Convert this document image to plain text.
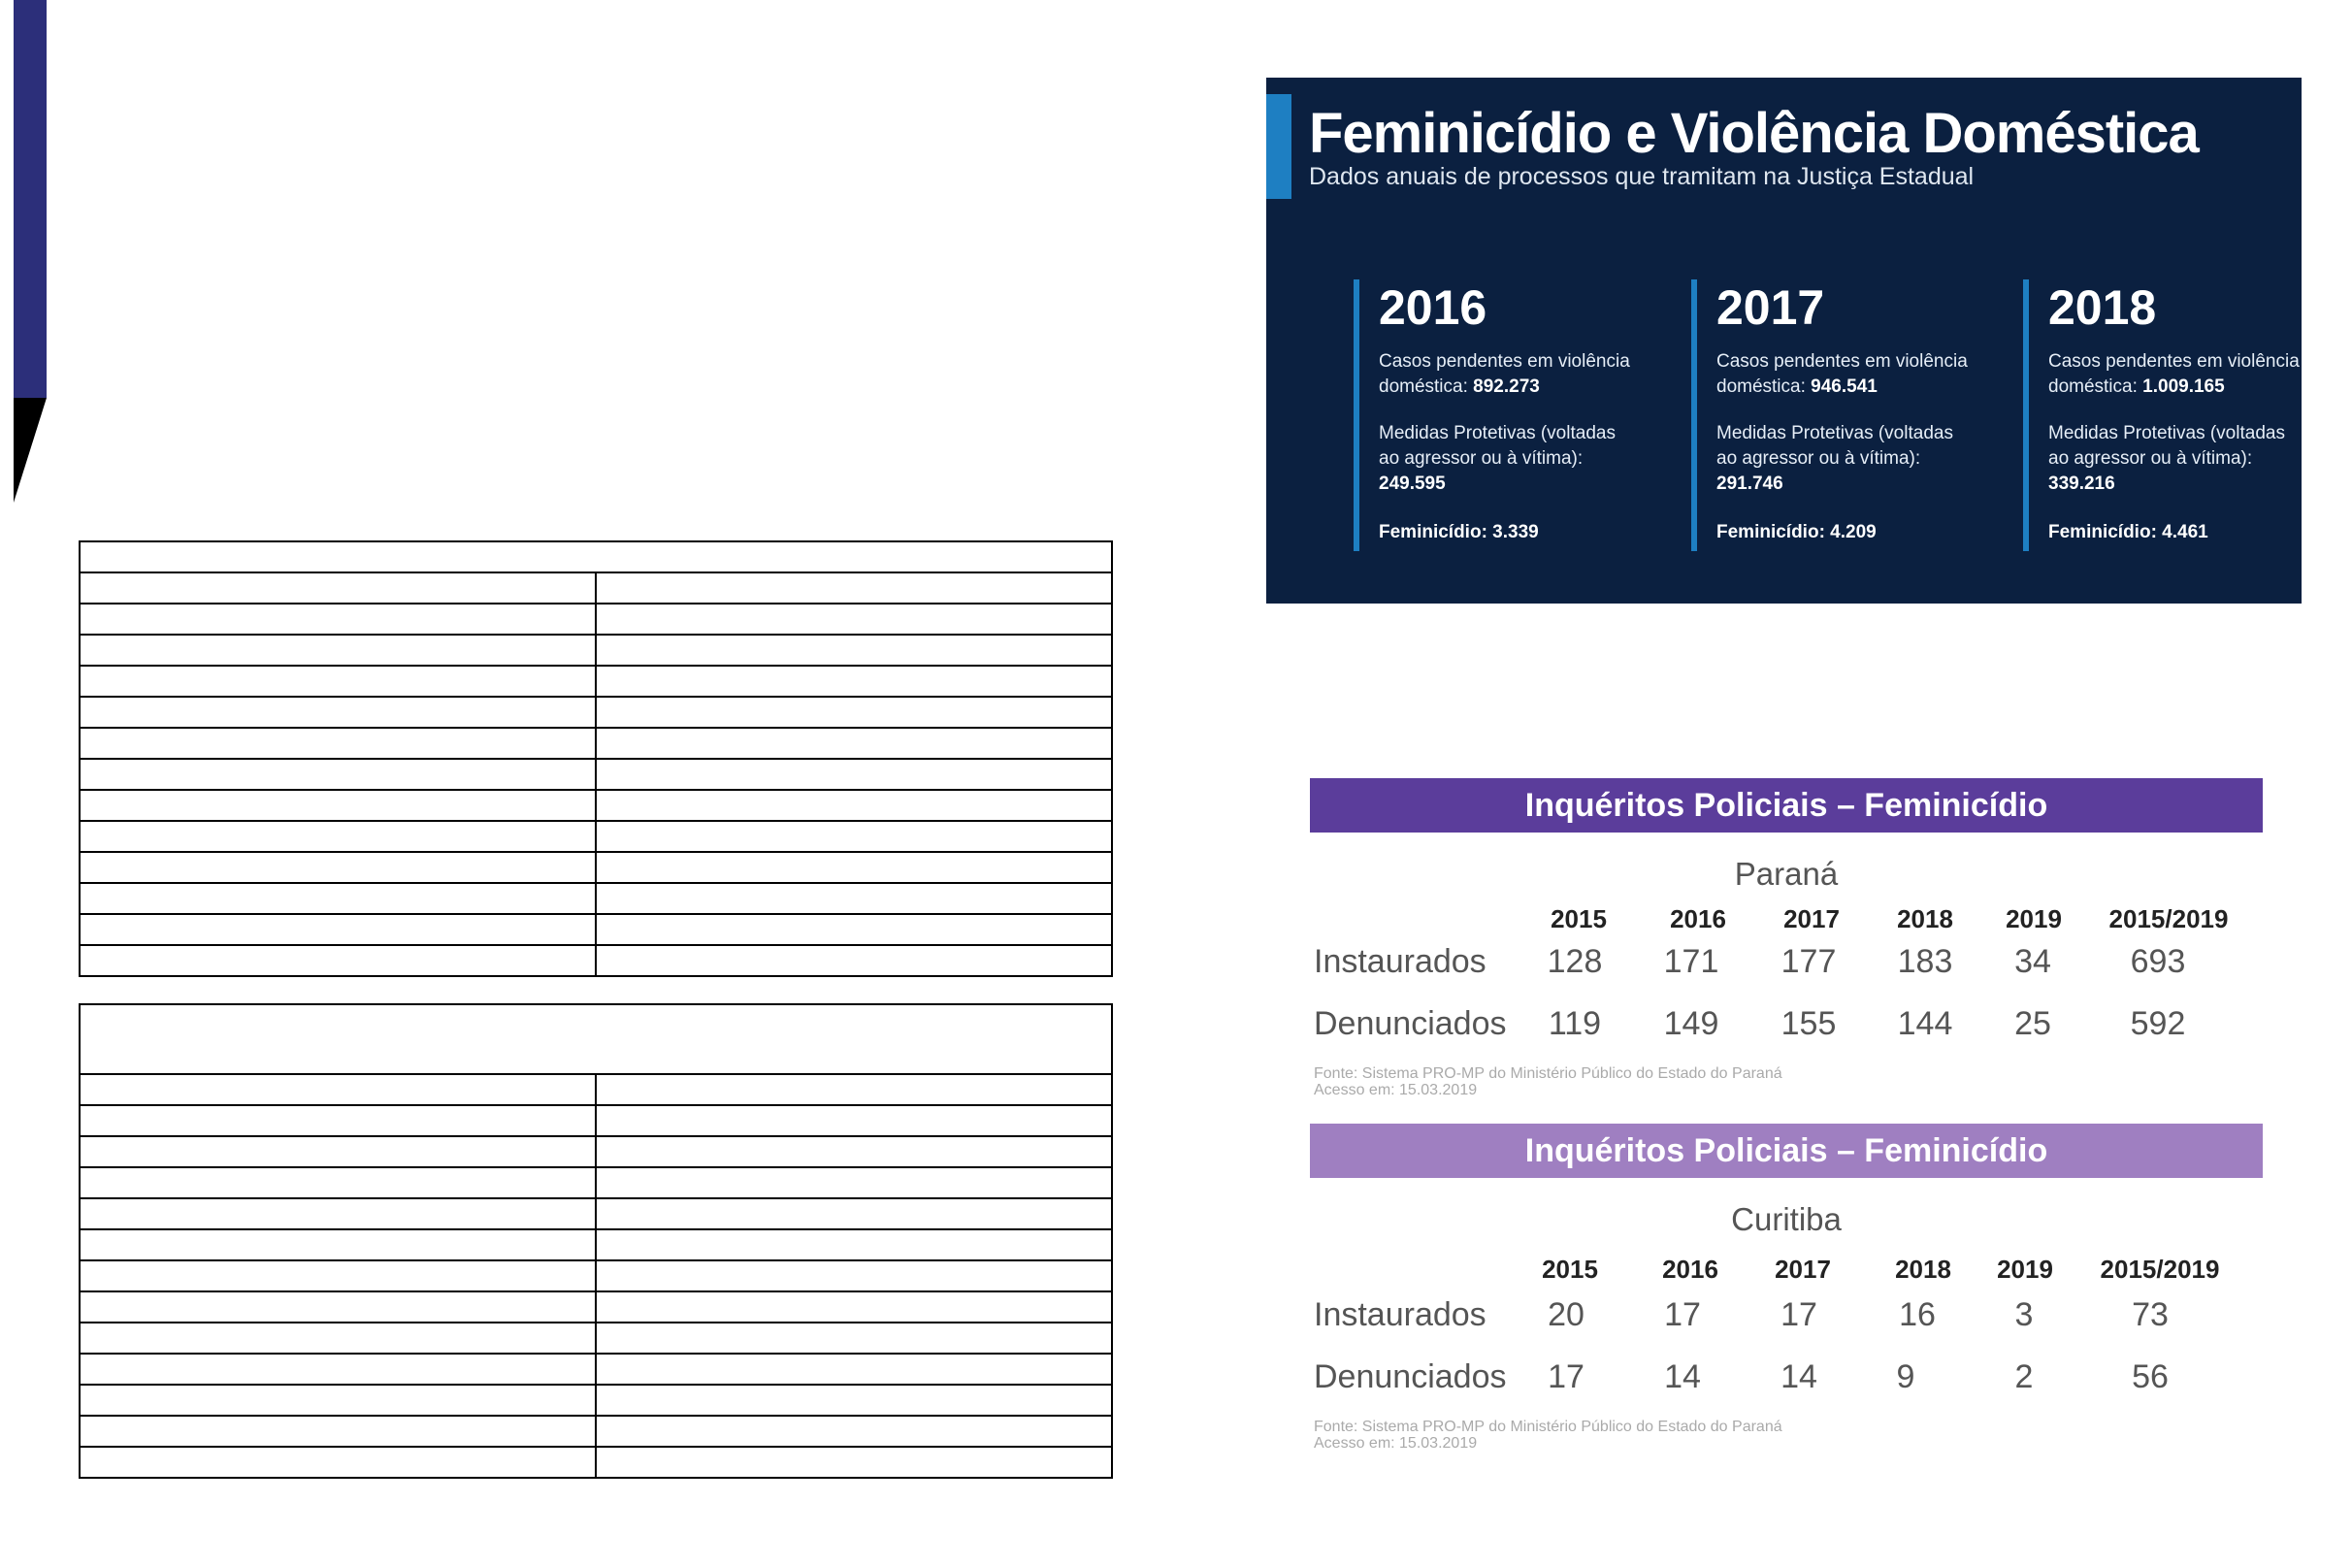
Feminicídio e Violência Doméstica
Dados anuais de processos que tramitam na Justiça Estadual
2016
Casos pendentes em violência
doméstica: 892.273
Medidas Protetivas (voltadas
ao agressor ou à vítima):
249.595
Feminicídio: 3.339
2017
Casos pendentes em violência
doméstica: 946.541
Medidas Protetivas (voltadas
ao agressor ou à vítima):
291.746
Feminicídio: 4.209
2018
Casos pendentes em violência
doméstica: 1.009.165
Medidas Protetivas (voltadas
ao agressor ou à vítima):
339.216
Feminicídio: 4.461
Inquéritos Policiais – Feminicídio
Paraná
2015	2016 2017 2018 2019 2015/2019
Instaurados 128 171 177 183 34 693
Denunciados 119 149 155 144 25 592
Fonte: Sistema PRO-MP do Ministério Público do Estado do Paraná
Acesso em: 15.03.2019
Inquéritos Policiais – Feminicídio
Curitiba
2015	2016 2017	2018 2019 2015/2019
Instaurados 20 17 17 16 3	73
Denunciados 17 14 14 9	2	56
Fonte: Sistema PRO-MP do Ministério Público do Estado do Paraná
Acesso em: 15.03.2019
